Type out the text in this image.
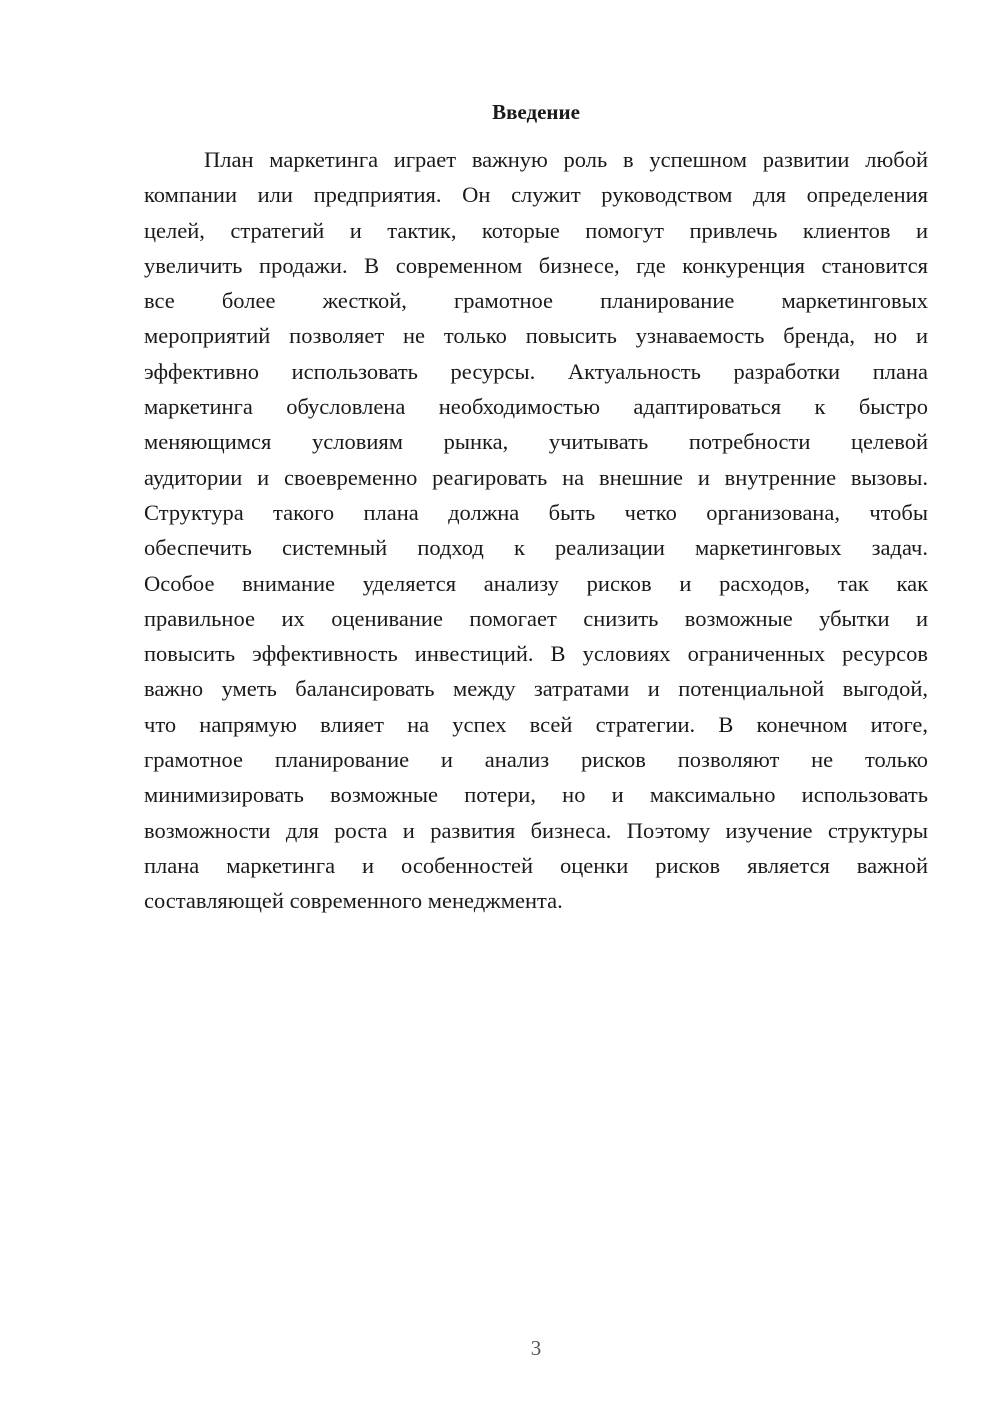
Введение
План маркетинга играет важную роль в успешном развитии любой
компании или предприятия. Он служит руководством для определения
целей, стратегий и тактик, которые помогут привлечь клиентов и
увеличить продажи. В современном бизнесе, где конкуренция становится
все более жесткой, грамотное планирование маркетинговых
мероприятий позволяет не только повысить узнаваемость бренда, но и
эффективно использовать ресурсы. Актуальность разработки плана
маркетинга обусловлена необходимостью адаптироваться к быстро
меняющимся условиям рынка, учитывать потребности целевой
аудитории и своевременно реагировать на внешние и внутренние вызовы.
Структура такого плана должна быть четко организована, чтобы
обеспечить системный подход к реализации маркетинговых задач.
Особое внимание уделяется анализу рисков и расходов, так как
правильное их оценивание помогает снизить возможные убытки и
повысить эффективность инвестиций. В условиях ограниченных ресурсов
важно уметь балансировать между затратами и потенциальной выгодой,
что напрямую влияет на успех всей стратегии. В конечном итоге,
грамотное планирование и анализ рисков позволяют не только
минимизировать возможные потери, но и максимально использовать
возможности для роста и развития бизнеса. Поэтому изучение структуры
плана маркетинга и особенностей оценки рисков является важной
составляющей современного менеджмента.
3
